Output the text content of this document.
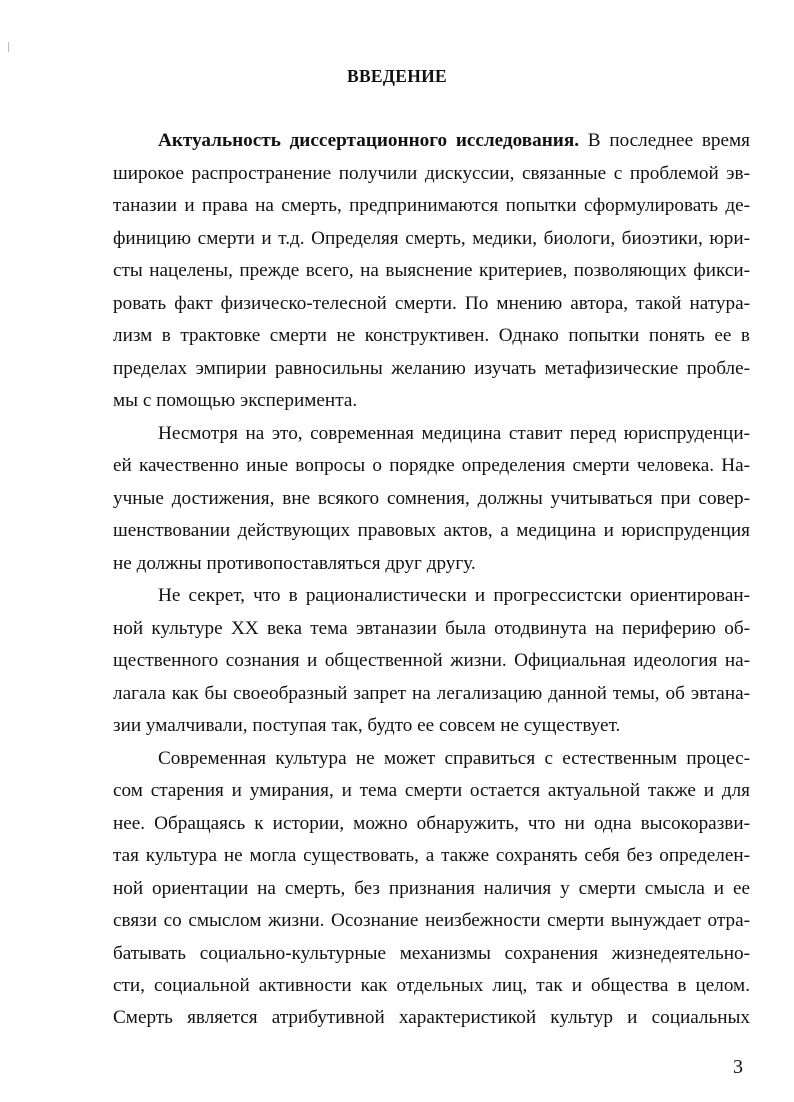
ВВЕДЕНИЕ
Актуальность диссертационного исследования. В последнее время
широкое распространение получили дискуссии, связанные с проблемой эв-
таназии и права на смерть, предпринимаются попытки сформулировать де-
финицию смерти и т.д. Определяя смерть, медики, биологи, биоэтики, юри-
сты нацелены, прежде всего, на выяснение критериев, позволяющих фикси-
ровать факт физическо-телесной смерти. По мнению автора, такой натура-
лизм в трактовке смерти не конструктивен. Однако попытки понять ее в
пределах эмпирии равносильны желанию изучать метафизические пробле-
мы с помощью эксперимента.
Несмотря на это, современная медицина ставит перед юриспруденци-
ей качественно иные вопросы о порядке определения смерти человека. На-
учные достижения, вне всякого сомнения, должны учитываться при совер-
шенствовании действующих правовых актов, а медицина и юриспруденция
не должны противопоставляться друг другу.
Не секрет, что в рационалистически и прогрессистски ориентирован-
ной культуре XX века тема эвтаназии была отодвинута на периферию об-
щественного сознания и общественной жизни. Официальная идеология на-
лагала как бы своеобразный запрет на легализацию данной темы, об эвтана-
зии умалчивали, поступая так, будто ее совсем не существует.
Современная культура не может справиться с естественным процес-
сом старения и умирания, и тема смерти остается актуальной также и для
нее. Обращаясь к истории, можно обнаружить, что ни одна высокоразви-
тая культура не могла существовать, а также сохранять себя без определен-
ной ориентации на смерть, без признания наличия у смерти смысла и ее
связи со смыслом жизни. Осознание неизбежности смерти вынуждает отра-
батывать социально-культурные механизмы сохранения жизнедеятельно-
сти, социальной активности как отдельных лиц, так и общества в целом.
Смерть является атрибутивной характеристикой культур и социальных
3
